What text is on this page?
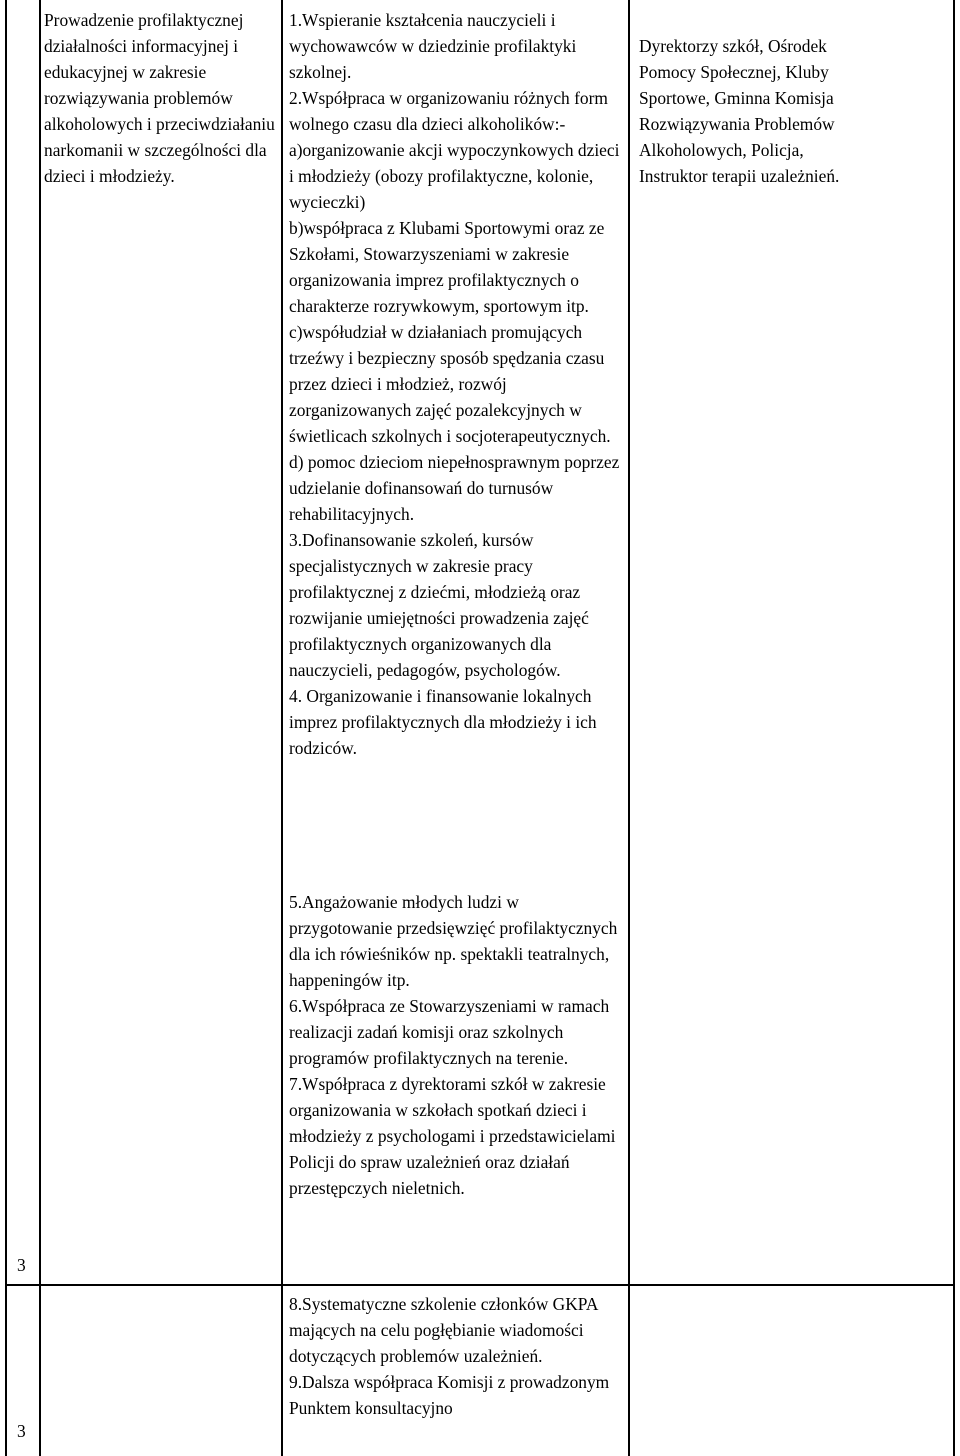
Prowadzenie profilaktycznej działalności informacyjnej i edukacyjnej w zakresie rozwiązywania problemów alkoholowych i przeciwdziałaniu narkomanii w szczególności dla dzieci i młodzieży.
1.Wspieranie kształcenia nauczycieli i wychowawców w dziedzinie profilaktyki szkolnej.
2.Współpraca w organizowaniu różnych form wolnego czasu dla dzieci alkoholików:-a)organizowanie akcji wypoczynkowych dzieci i młodzieży (obozy profilaktyczne, kolonie, wycieczki)
b)współpraca z Klubami Sportowymi oraz ze Szkołami, Stowarzyszeniami w zakresie organizowania imprez profilaktycznych o charakterze rozrywkowym, sportowym itp.
c)współudział w działaniach promujących trzeźwy i bezpieczny sposób spędzania czasu przez dzieci i młodzież, rozwój zorganizowanych zajęć pozalekcyjnych w świetlicach szkolnych i socjoterapeutycznych.
d) pomoc dzieciom niepełnosprawnym poprzez udzielanie dofinansowań do turnusów rehabilitacyjnych.
3.Dofinansowanie szkoleń, kursów specjalistycznych w zakresie pracy profilaktycznej z dziećmi, młodzieżą oraz rozwijanie umiejętności prowadzenia zajęć profilaktycznych organizowanych dla nauczycieli, pedagogów, psychologów.
4. Organizowanie i finansowanie lokalnych imprez profilaktycznych dla młodzieży i ich rodziców.
5.Angażowanie młodych ludzi w przygotowanie przedsięwzięć profilaktycznych dla ich rówieśników np. spektakli teatralnych, happeningów itp.
6.Współpraca ze Stowarzyszeniami w ramach realizacji zadań komisji oraz szkolnych programów profilaktycznych na terenie.
7.Współpraca z dyrektorami szkół w zakresie organizowania w szkołach spotkań dzieci i młodzieży z psychologami i przedstawicielami Policji do spraw uzależnień oraz działań przestępczych nieletnich.
Dyrektorzy szkół, Ośrodek Pomocy Społecznej, Kluby Sportowe, Gminna Komisja Rozwiązywania Problemów Alkoholowych, Policja, Instruktor terapii uzależnień.
3
3
8.Systematyczne szkolenie członków GKPA mających na celu pogłębianie wiadomości dotyczących problemów uzależnień.
9.Dalsza współpraca Komisji z prowadzonym Punktem konsultacyjno
